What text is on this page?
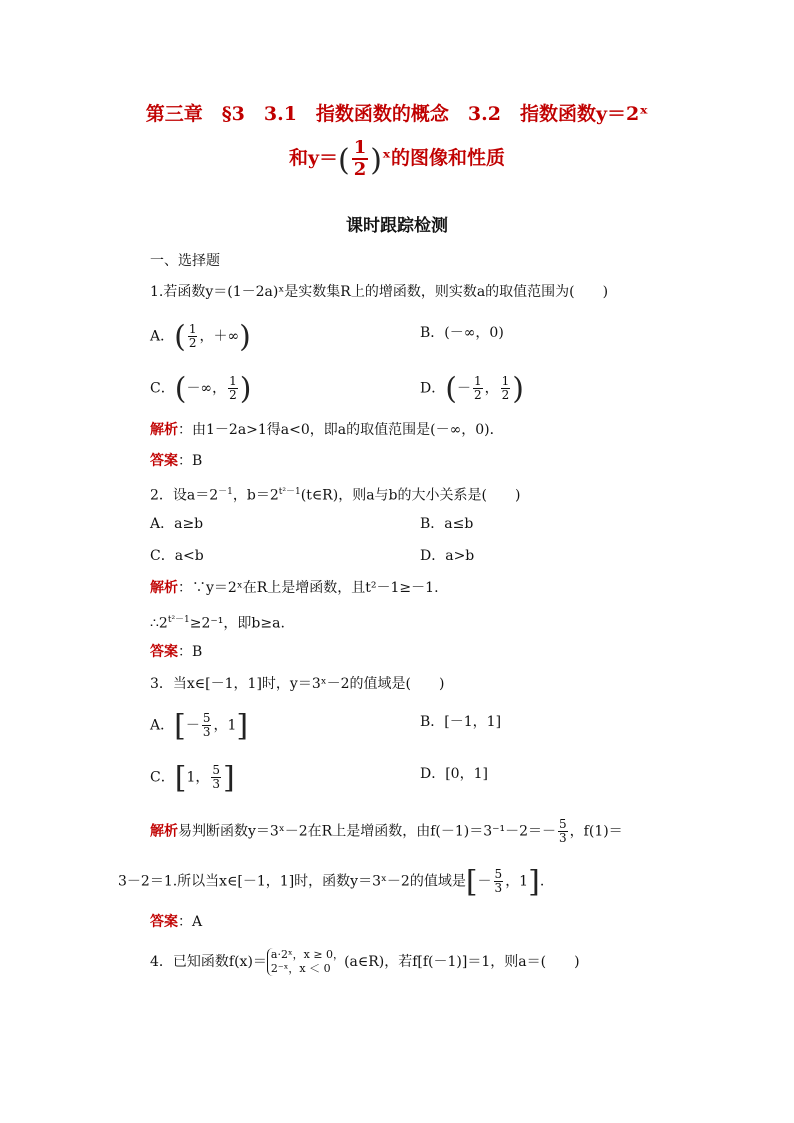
第三章　§3　3.1　指数函数的概念　3.2　指数函数y＝2ˣ
和$y=( \frac{1}{2}$ )ˣ的图像和性质
课时跟踪检测
一、选择题
1.若函数y＝(1－2a)ˣ是实数集R上的增函数，则实数a的取值范围为(　　)
A．( $\frac{1}{2}$ ，＋∞)	B．(－∞，0)
C．(－∞， $\frac{1}{2}$ )	D．(－ $\frac{1}{2}$ ， $\frac{1}{2}$ )
解析：由1－2a>1得a<0，即a的取值范围是(－∞，0)．
答案：B
2．设$a=2^{-1}$，$b=2^{t^2-1}(t\in R)$，则a与b的大小关系是(　　)
A．a≥b	B．a≤b
C．a<b	D．a>b
解析：∵y＝2ˣ在R上是增函数，且t²－1≥－1.
$\therefore 2^{t^2-1}\ge 2^{-1}$，即b≥a.
答案：B
3．当x∈[－1，1]时，y＝3ˣ－2的值域是(　　)
A．[－ $\frac{5}{3}$ ，1]	B．[－1，1]
C．[1， $\frac{5}{3}$ ]	D．[0，1]
解析易判断函数y＝3ˣ－2在R上是增函数，由$f(-1)=3^{-1}-2=- \frac{5}{3}$ ，f(1)＝
3－2＝1.所以当x∈[－1，1]时，函数y＝3ˣ－2的值域是[－ $\frac{5}{3}$ ，1].
答案：A
4．已知函数f(x)＝ a·2ˣ，x ≥ 0，
2⁻ˣ，x ＜ 0 (a∈R)，若f[f(－1)]＝1，则a＝(　　)
